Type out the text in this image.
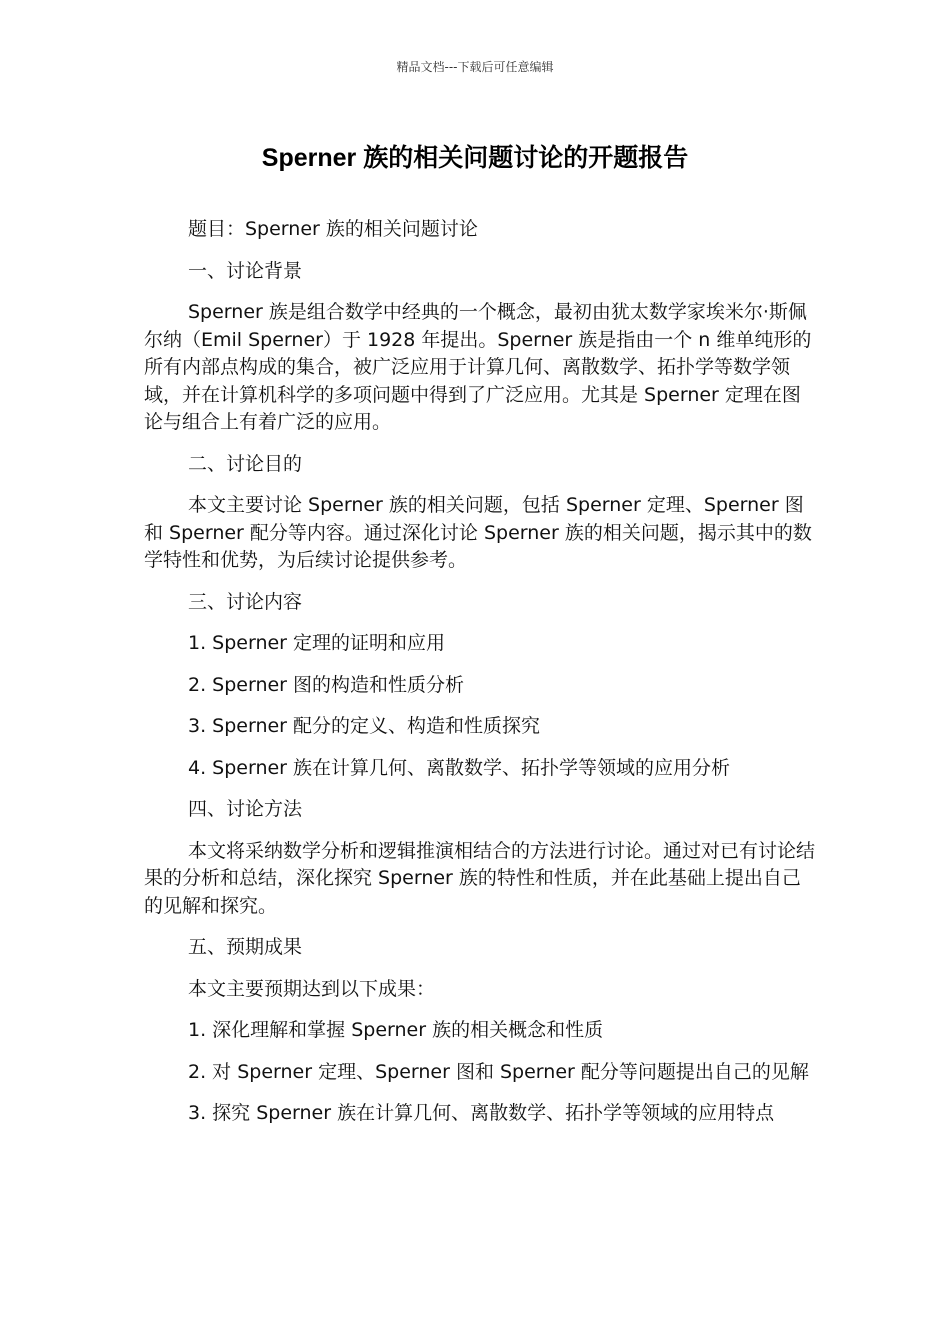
精品文档---下载后可任意编辑
Sperner 族的相关问题讨论的开题报告

题目：Sperner 族的相关问题讨论

一、讨论背景

Sperner 族是组合数学中经典的一个概念，最初由犹太数学家埃米尔·斯佩尔纳（Emil Sperner）于 1928 年提出。Sperner 族是指由一个 n 维单纯形的所有内部点构成的集合，被广泛应用于计算几何、离散数学、拓扑学等数学领域，并在计算机科学的多项问题中得到了广泛应用。尤其是 Sperner 定理在图论与组合上有着广泛的应用。

二、讨论目的

本文主要讨论 Sperner 族的相关问题，包括 Sperner 定理、Sperner 图和 Sperner 配分等内容。通过深化讨论 Sperner 族的相关问题，揭示其中的数学特性和优势，为后续讨论提供参考。

三、讨论内容

1. Sperner 定理的证明和应用

2. Sperner 图的构造和性质分析

3. Sperner 配分的定义、构造和性质探究

4. Sperner 族在计算几何、离散数学、拓扑学等领域的应用分析

四、讨论方法

本文将采纳数学分析和逻辑推演相结合的方法进行讨论。通过对已有讨论结果的分析和总结，深化探究 Sperner 族的特性和性质，并在此基础上提出自己的见解和探究。

五、预期成果

本文主要预期达到以下成果：

1. 深化理解和掌握 Sperner 族的相关概念和性质

2. 对 Sperner 定理、Sperner 图和 Sperner 配分等问题提出自己的见解

3. 探究 Sperner 族在计算几何、离散数学、拓扑学等领域的应用特点
